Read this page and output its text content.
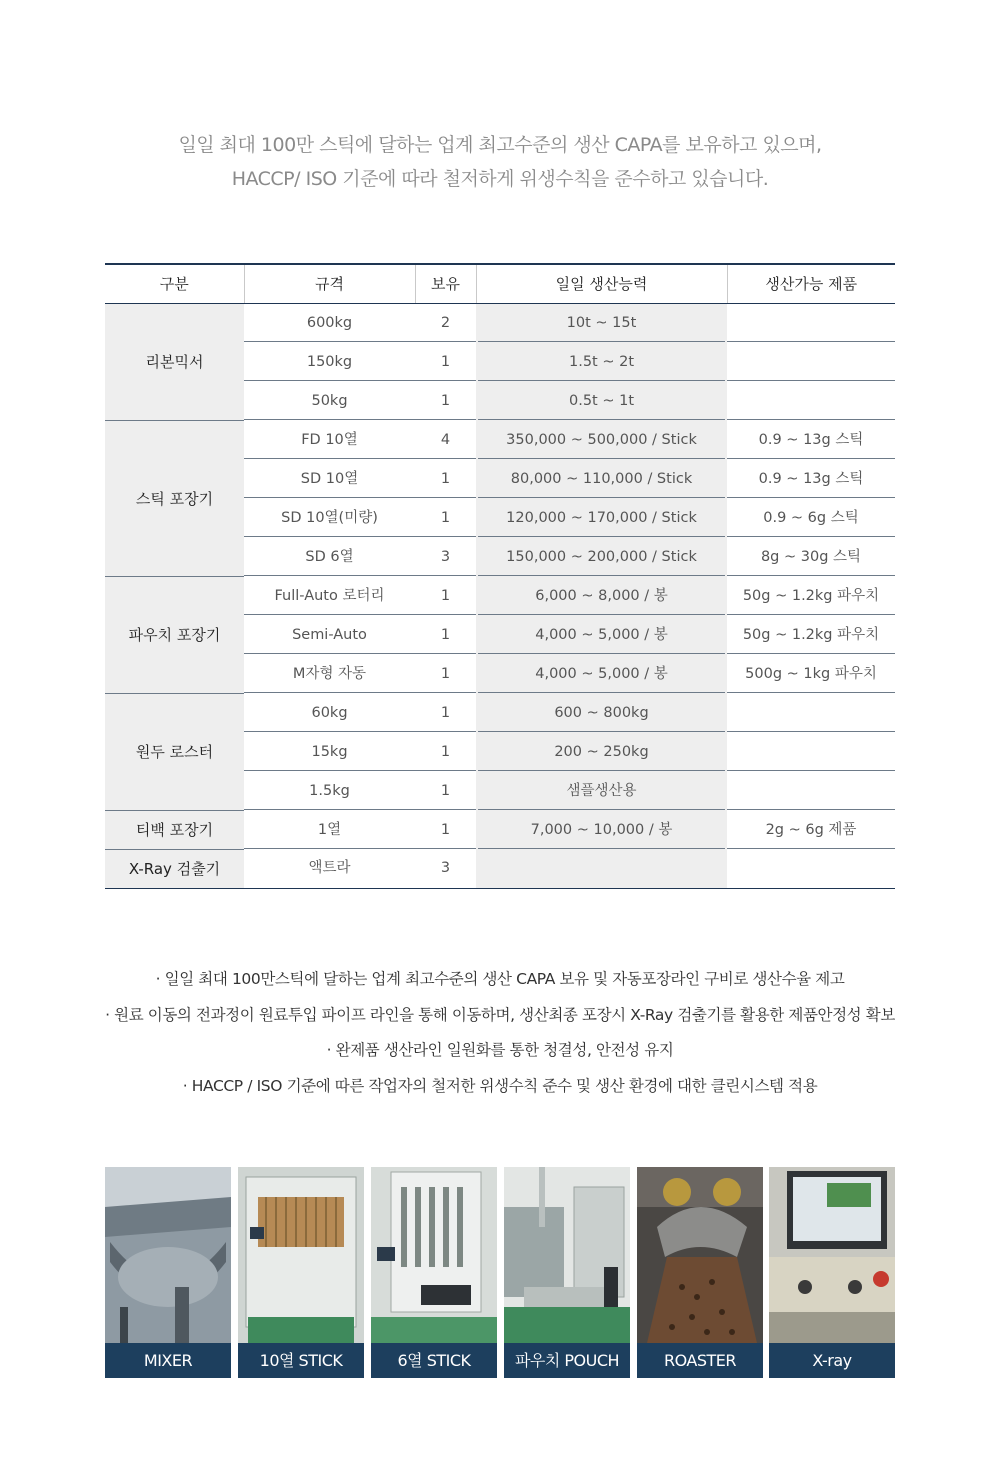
일일 최대 100만 스틱에 달하는 업계 최고수준의 생산 CAPA를 보유하고 있으며,
HACCP/ ISO 기준에 따라 철저하게 위생수칙을 준수하고 있습니다.
구분	규격	보유	일일 생산능력	생산가능 제품
리본믹서	600kg	2	10t ~ 15t	

	150kg	1	1.5t ~ 2t	

	50kg	1	0.5t ~ 1t	

스틱 포장기	FD 10열	4	350,000 ~ 500,000 / Stick	0.9 ~ 13g 스틱

	SD 10열	1	80,000 ~ 110,000 / Stick	0.9 ~ 13g 스틱

	SD 10열(미량)	1	120,000 ~ 170,000 / Stick	0.9 ~ 6g 스틱

	SD 6열	3	150,000 ~ 200,000 / Stick	8g ~ 30g 스틱

파우치 포장기	Full-Auto 로터리	1	6,000 ~ 8,000 / 봉	50g ~ 1.2kg 파우치

	Semi-Auto	1	4,000 ~ 5,000 / 봉	50g ~ 1.2kg 파우치

	M자형 자동	1	4,000 ~ 5,000 / 봉	500g ~ 1kg 파우치

원두 로스터	60kg	1	600 ~ 800kg	

	15kg	1	200 ~ 250kg	

	1.5kg	1	샘플생산용	

티백 포장기	1열	1	7,000 ~ 10,000 / 봉	2g ~ 6g 제품

X-Ray 검출기	액트라	3		

· 일일 최대 100만스틱에 달하는 업계 최고수준의 생산 CAPA 보유 및 자동포장라인 구비로 생산수율 제고
· 원료 이동의 전과정이 원료투입 파이프 라인을 통해 이동하며, 생산최종 포장시 X-Ray 검출기를 활용한 제품안정성 확보
· 완제품 생산라인 일원화를 통한 청결성, 안전성 유지
· HACCP / ISO 기준에 따른 작업자의 철저한 위생수칙 준수 및 생산 환경에 대한 클린시스템 적용
MIXER	10열 STICK	6열 STICK	파우치 POUCH	ROASTER	X-ray
